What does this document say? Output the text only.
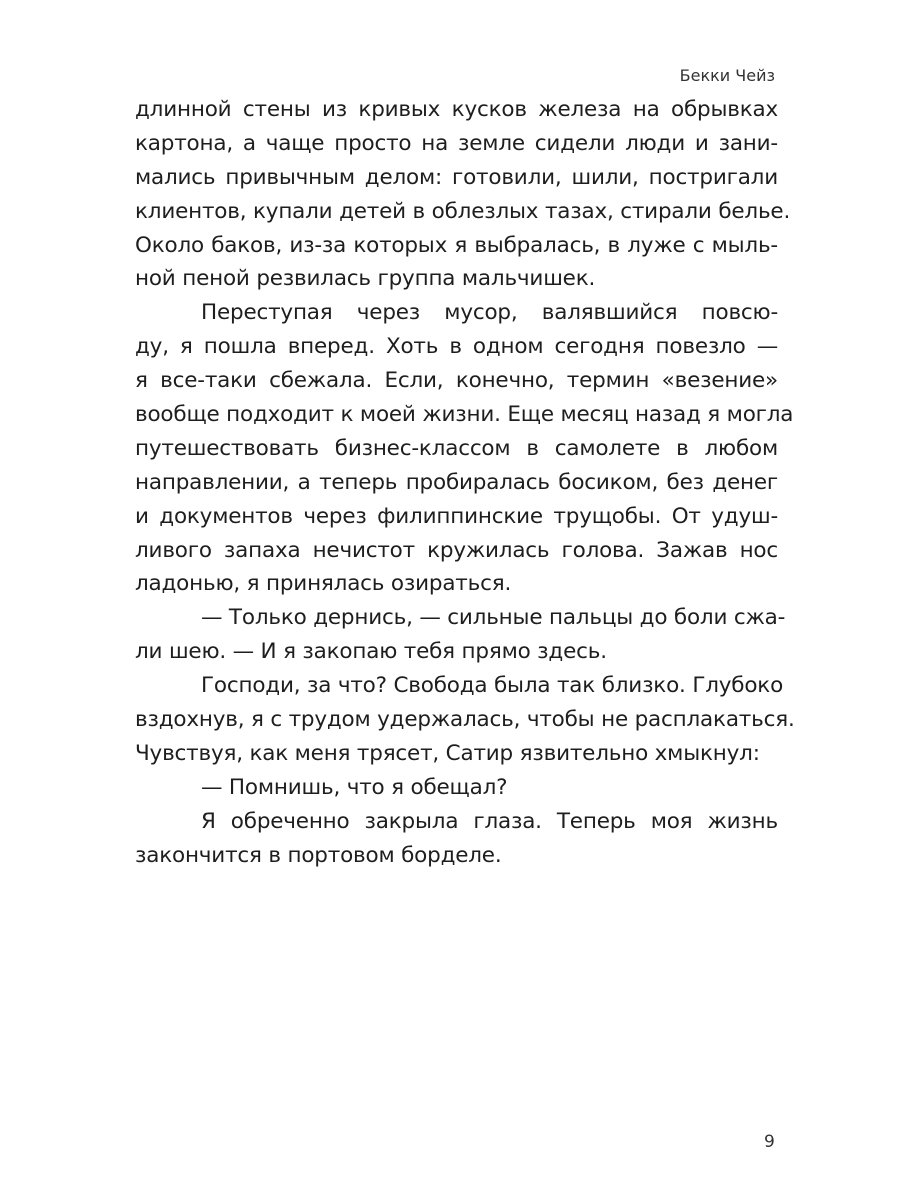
Бекки Чейз
длинной стены из кривых кусков железа на обрывках
картона, а чаще просто на земле сидели люди и зани-
мались привычным делом: готовили, шили, постригали
клиентов, купали детей в облезлых тазах, стирали белье.
Около баков, из-за которых я выбралась, в луже с мыль-
ной пеной резвилась группа мальчишек.
Переступая через мусор, валявшийся повсю-
ду, я пошла вперед. Хоть в одном сегодня повезло —
я все-таки сбежала. Если, конечно, термин «везение»
вообще подходит к моей жизни. Еще месяц назад я могла
путешествовать бизнес-классом в самолете в любом
направлении, а теперь пробиралась босиком, без денег
и документов через филиппинские трущобы. От удуш-
ливого запаха нечистот кружилась голова. Зажав нос
ладонью, я принялась озираться.
— Только дернись, — сильные пальцы до боли сжа-
ли шею. — И я закопаю тебя прямо здесь.
Господи, за что? Свобода была так близко. Глубоко
вздохнув, я с трудом удержалась, чтобы не расплакаться.
Чувствуя, как меня трясет, Сатир язвительно хмыкнул:
— Помнишь, что я обещал?
Я обреченно закрыла глаза. Теперь моя жизнь
закончится в портовом борделе.
9
